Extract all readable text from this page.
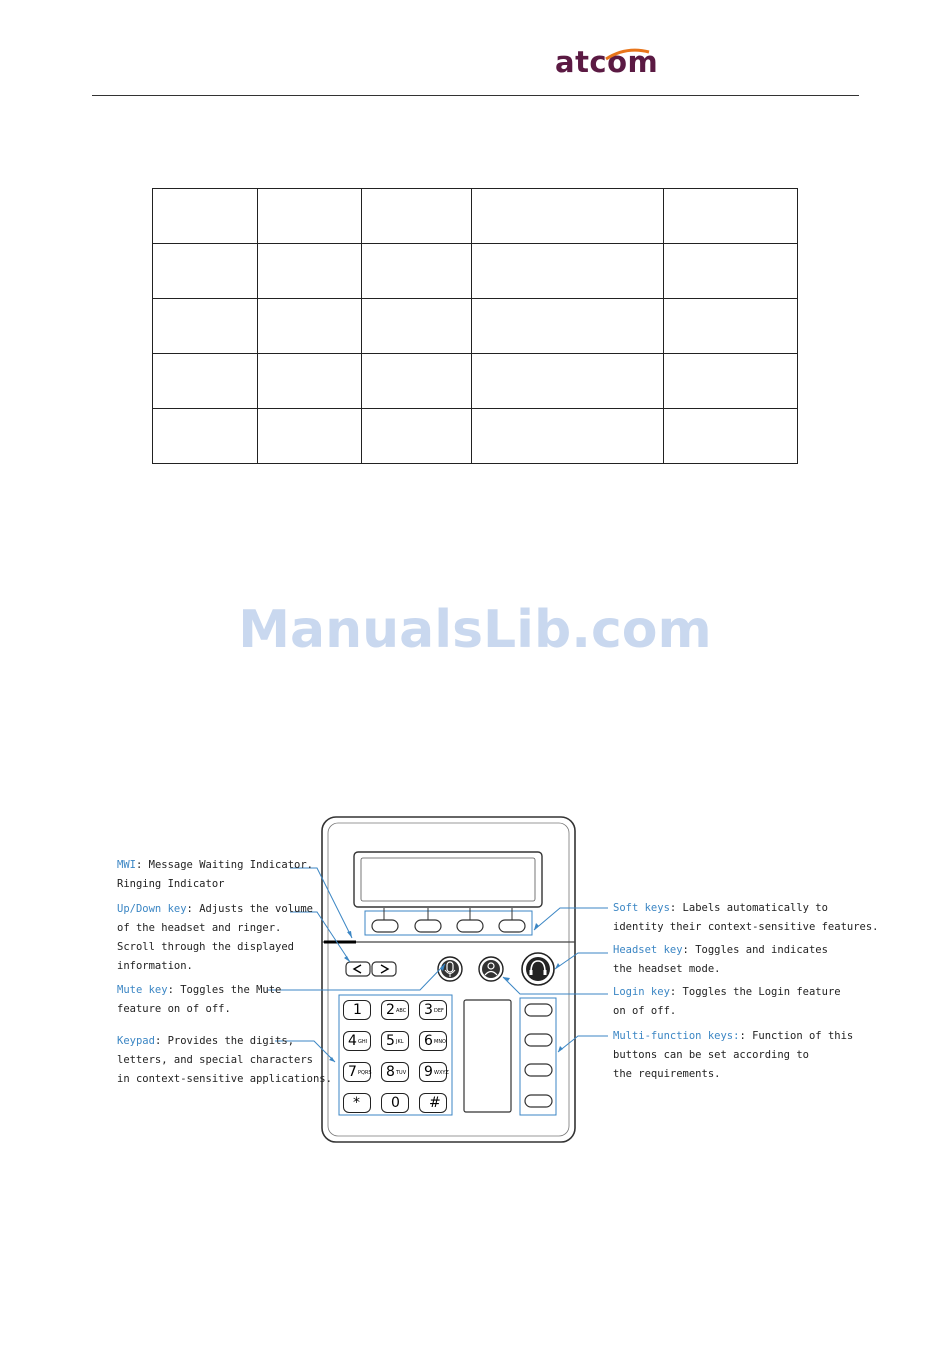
atcom

ManualsLib.com
1 2 ABC 3 DEF
4 GHI 5 JKL 6 MNO
7 PQRS 8 TUV 9 WXYZ
* 0 #
MWI: Message Waiting Indicator.
Ringing Indicator
Up/Down key: Adjusts the volume
of the headset and ringer.
Scroll through the displayed
information.
Mute key: Toggles the Mute
feature on of off.
Keypad: Provides the digits,
letters, and special characters
in context-sensitive applications.
Soft keys: Labels automatically to
identity their context-sensitive features.
Headset key: Toggles and indicates
the headset mode.
Login key: Toggles the Login feature
on of off.
Multi-function keys:: Function of this
buttons can be set according to
the requirements.
